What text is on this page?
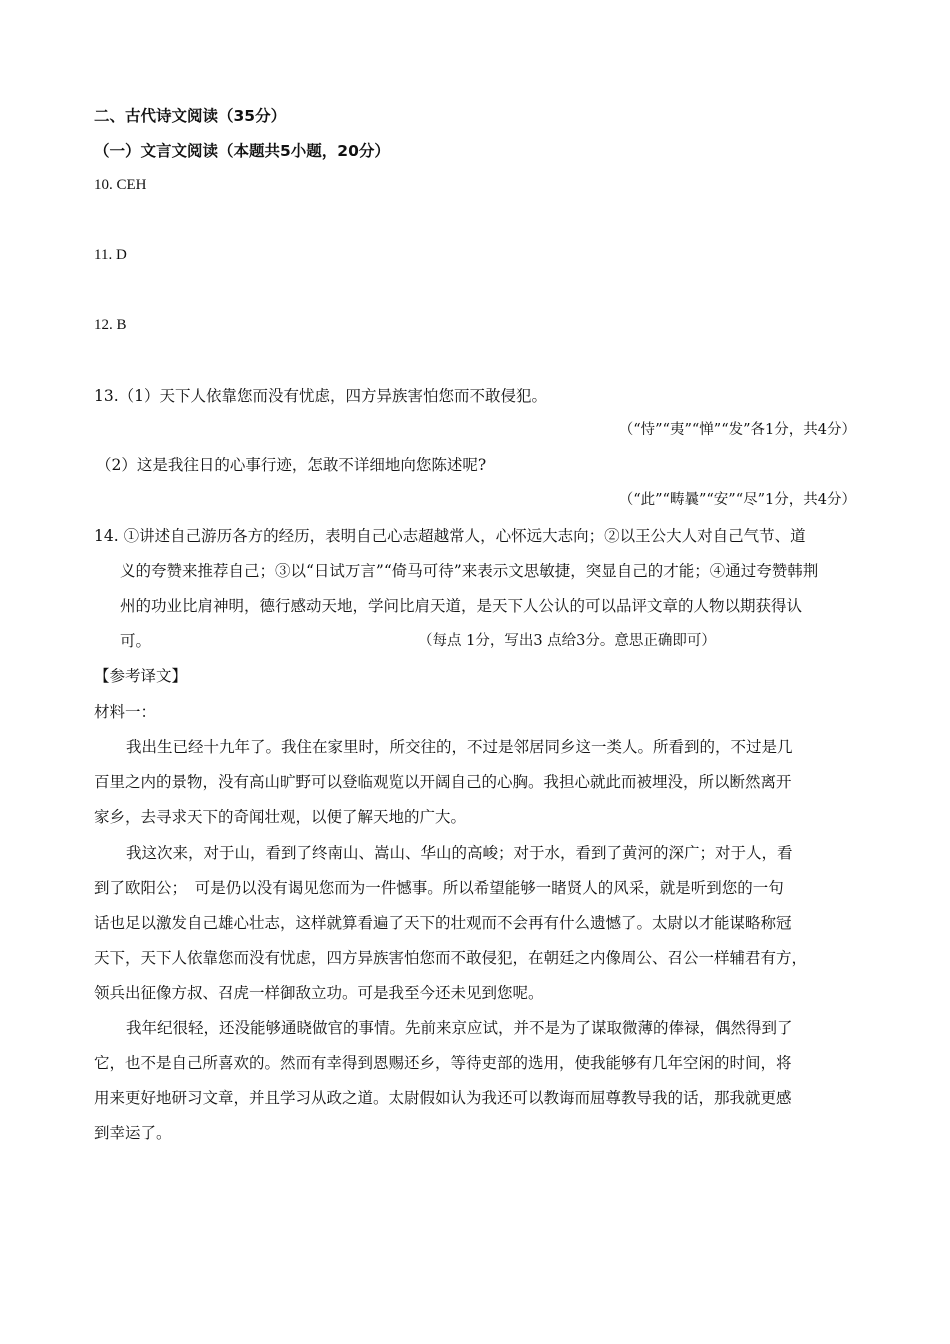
二、古代诗文阅读（35分）
（一）文言文阅读（本题共5小题，20分）
10. CEH
11. D
12. B
13.（1）天下人依靠您而没有忧虑，四方异族害怕您而不敢侵犯。
（“恃”“夷”“惮”“发”各1分，共4分）
（2）这是我往日的心事行迹，怎敢不详细地向您陈述呢?
（“此”“畴曩”“安”“尽”1分，共4分）
14. ①讲述自己游历各方的经历，表明自己心志超越常人，心怀远大志向；②以王公大人对自己气节、道
义的夸赞来推荐自己；③以“日试万言”“倚马可待”来表示文思敏捷，突显自己的才能；④通过夸赞韩荆
州的功业比肩神明，德行感动天地，学问比肩天道，是天下人公认的可以品评文章的人物以期获得认
可。	（每点 1分，写出3 点给3分。意思正确即可）
【参考译文】
材料一：
我出生已经十九年了。我住在家里时，所交往的，不过是邻居同乡这一类人。所看到的，不过是几
百里之内的景物，没有高山旷野可以登临观览以开阔自己的心胸。我担心就此而被埋没，所以断然离开
家乡，去寻求天下的奇闻壮观，以便了解天地的广大。
我这次来，对于山，看到了终南山、嵩山、华山的高峻；对于水，看到了黄河的深广；对于人，看
到了欧阳公；　可是仍以没有谒见您而为一件憾事。所以希望能够一睹贤人的风采，就是听到您的一句
话也足以激发自己雄心壮志，这样就算看遍了天下的壮观而不会再有什么遗憾了。太尉以才能谋略称冠
天下，天下人依靠您而没有忧虑，四方异族害怕您而不敢侵犯，在朝廷之内像周公、召公一样辅君有方，
领兵出征像方叔、召虎一样御敌立功。可是我至今还未见到您呢。
我年纪很轻，还没能够通晓做官的事情。先前来京应试，并不是为了谋取微薄的俸禄，偶然得到了
它，也不是自己所喜欢的。然而有幸得到恩赐还乡，等待吏部的选用，使我能够有几年空闲的时间，将
用来更好地研习文章，并且学习从政之道。太尉假如认为我还可以教诲而屈尊教导我的话，那我就更感
到幸运了。
